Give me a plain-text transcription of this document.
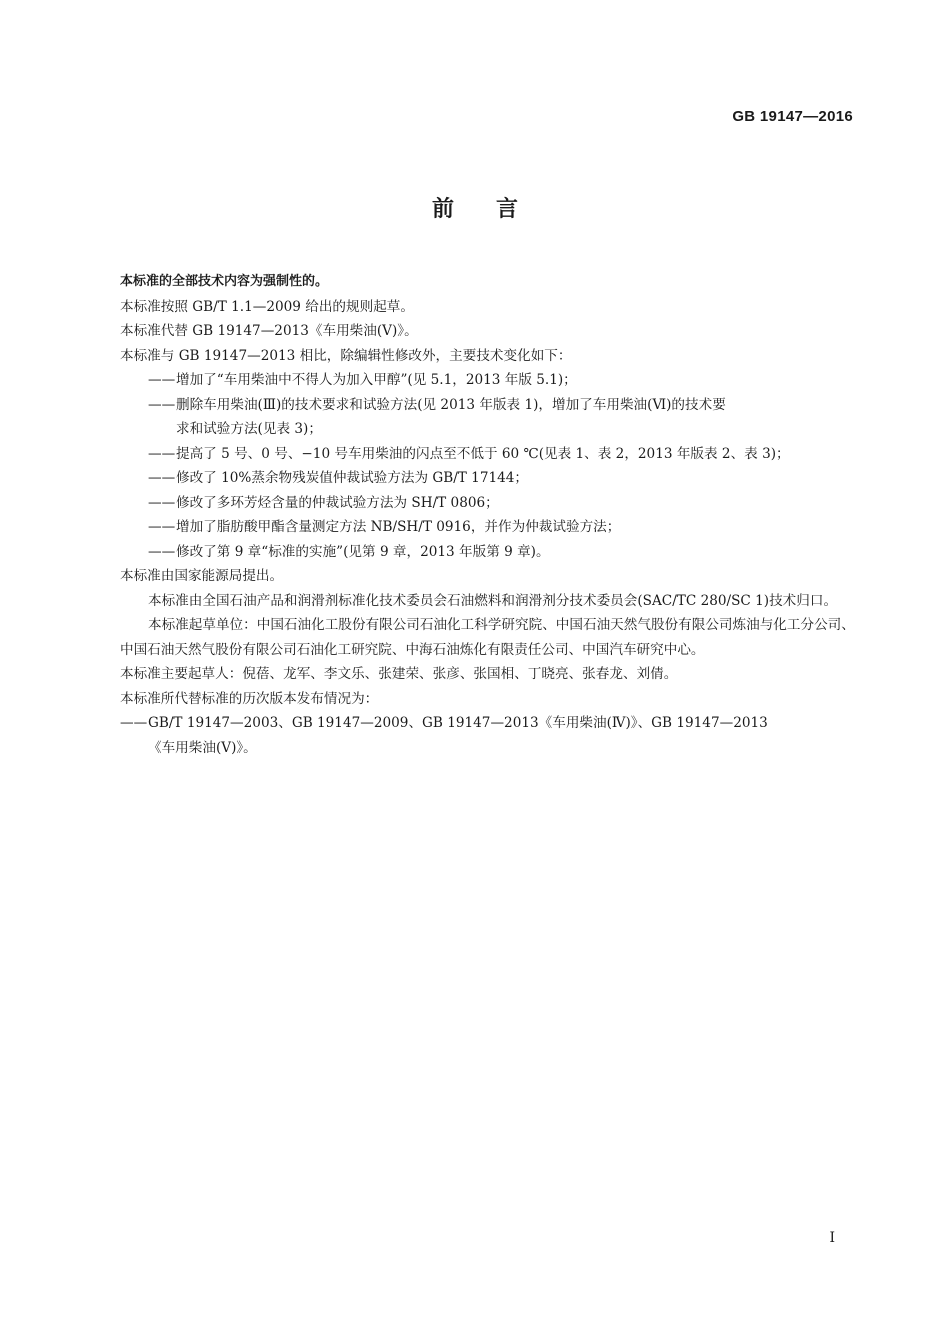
GB 19147—2016
前言

本标准的全部技术内容为强制性的。

本标准按照 GB/T 1.1—2009 给出的规则起草。

本标准代替 GB 19147—2013《车用柴油(Ⅴ)》。

本标准与 GB 19147—2013 相比，除编辑性修改外，主要技术变化如下：

——增加了“车用柴油中不得人为加入甲醇”(见 5.1，2013 年版 5.1)；

——删除车用柴油(Ⅲ)的技术要求和试验方法(见 2013 年版表 1)，增加了车用柴油(Ⅵ)的技术要
求和试验方法(见表 3)；

——提高了 5 号、0 号、−10 号车用柴油的闪点至不低于 60 ℃(见表 1、表 2，2013 年版表 2、表 3)；

——修改了 10%蒸余物残炭值仲裁试验方法为 GB/T 17144；

——修改了多环芳烃含量的仲裁试验方法为 SH/T 0806；

——增加了脂肪酸甲酯含量测定方法 NB/SH/T 0916，并作为仲裁试验方法；

——修改了第 9 章“标准的实施”(见第 9 章，2013 年版第 9 章)。

本标准由国家能源局提出。

本标准由全国石油产品和润滑剂标准化技术委员会石油燃料和润滑剂分技术委员会(SAC/TC 280/SC 1)技术归口。

本标准起草单位：中国石油化工股份有限公司石油化工科学研究院、中国石油天然气股份有限公司炼油与化工分公司、中国石油天然气股份有限公司石油化工研究院、中海石油炼化有限责任公司、中国汽车研究中心。

本标准主要起草人：倪蓓、龙军、李文乐、张建荣、张彦、张国相、丁晓亮、张春龙、刘倩。

本标准所代替标准的历次版本发布情况为：

——GB/T 19147—2003、GB 19147—2009、GB 19147—2013《车用柴油(Ⅳ)》、GB 19147—2013
《车用柴油(Ⅴ)》。

I
